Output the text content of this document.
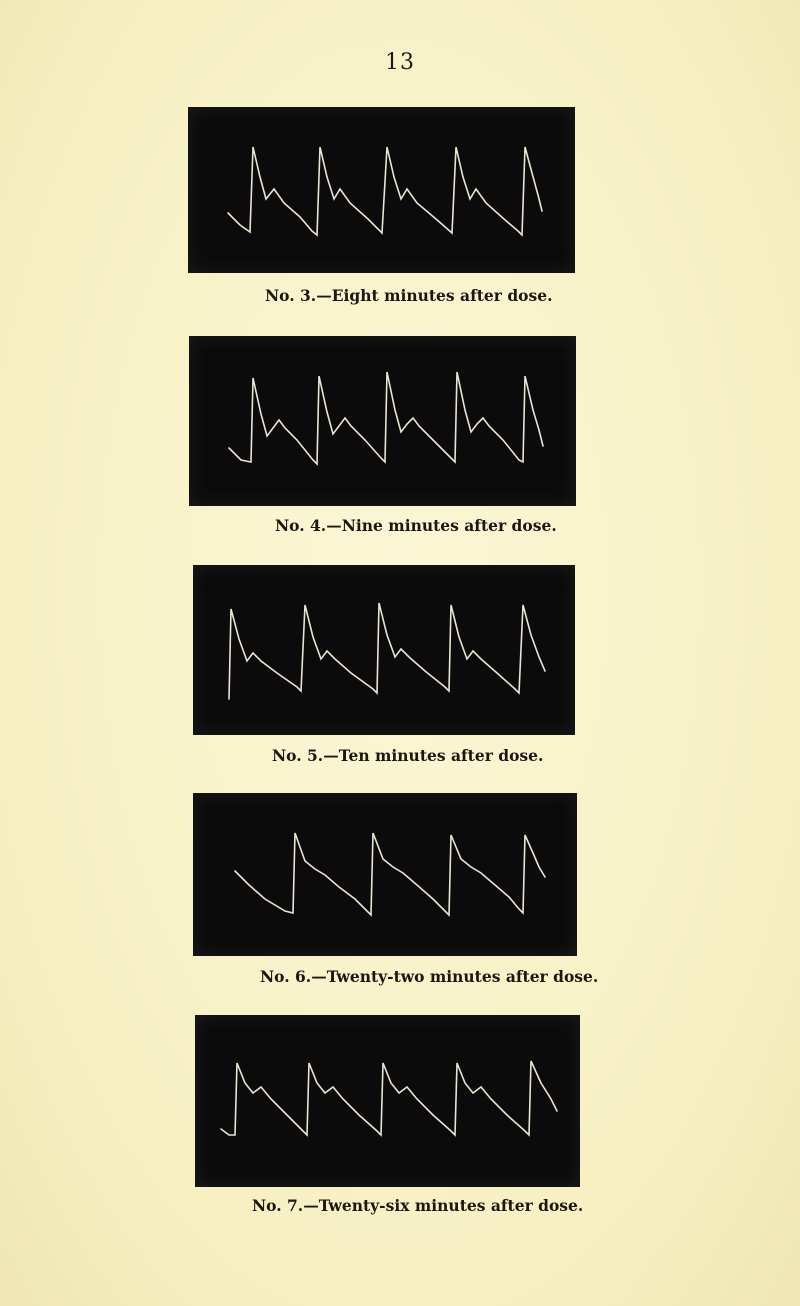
13
No. 3.—Eight minutes after dose.
No. 4.—Nine minutes after dose.
No. 5.—Ten minutes after dose.
No. 6.—Twenty-two minutes after dose.
No. 7.—Twenty-six minutes after dose.
